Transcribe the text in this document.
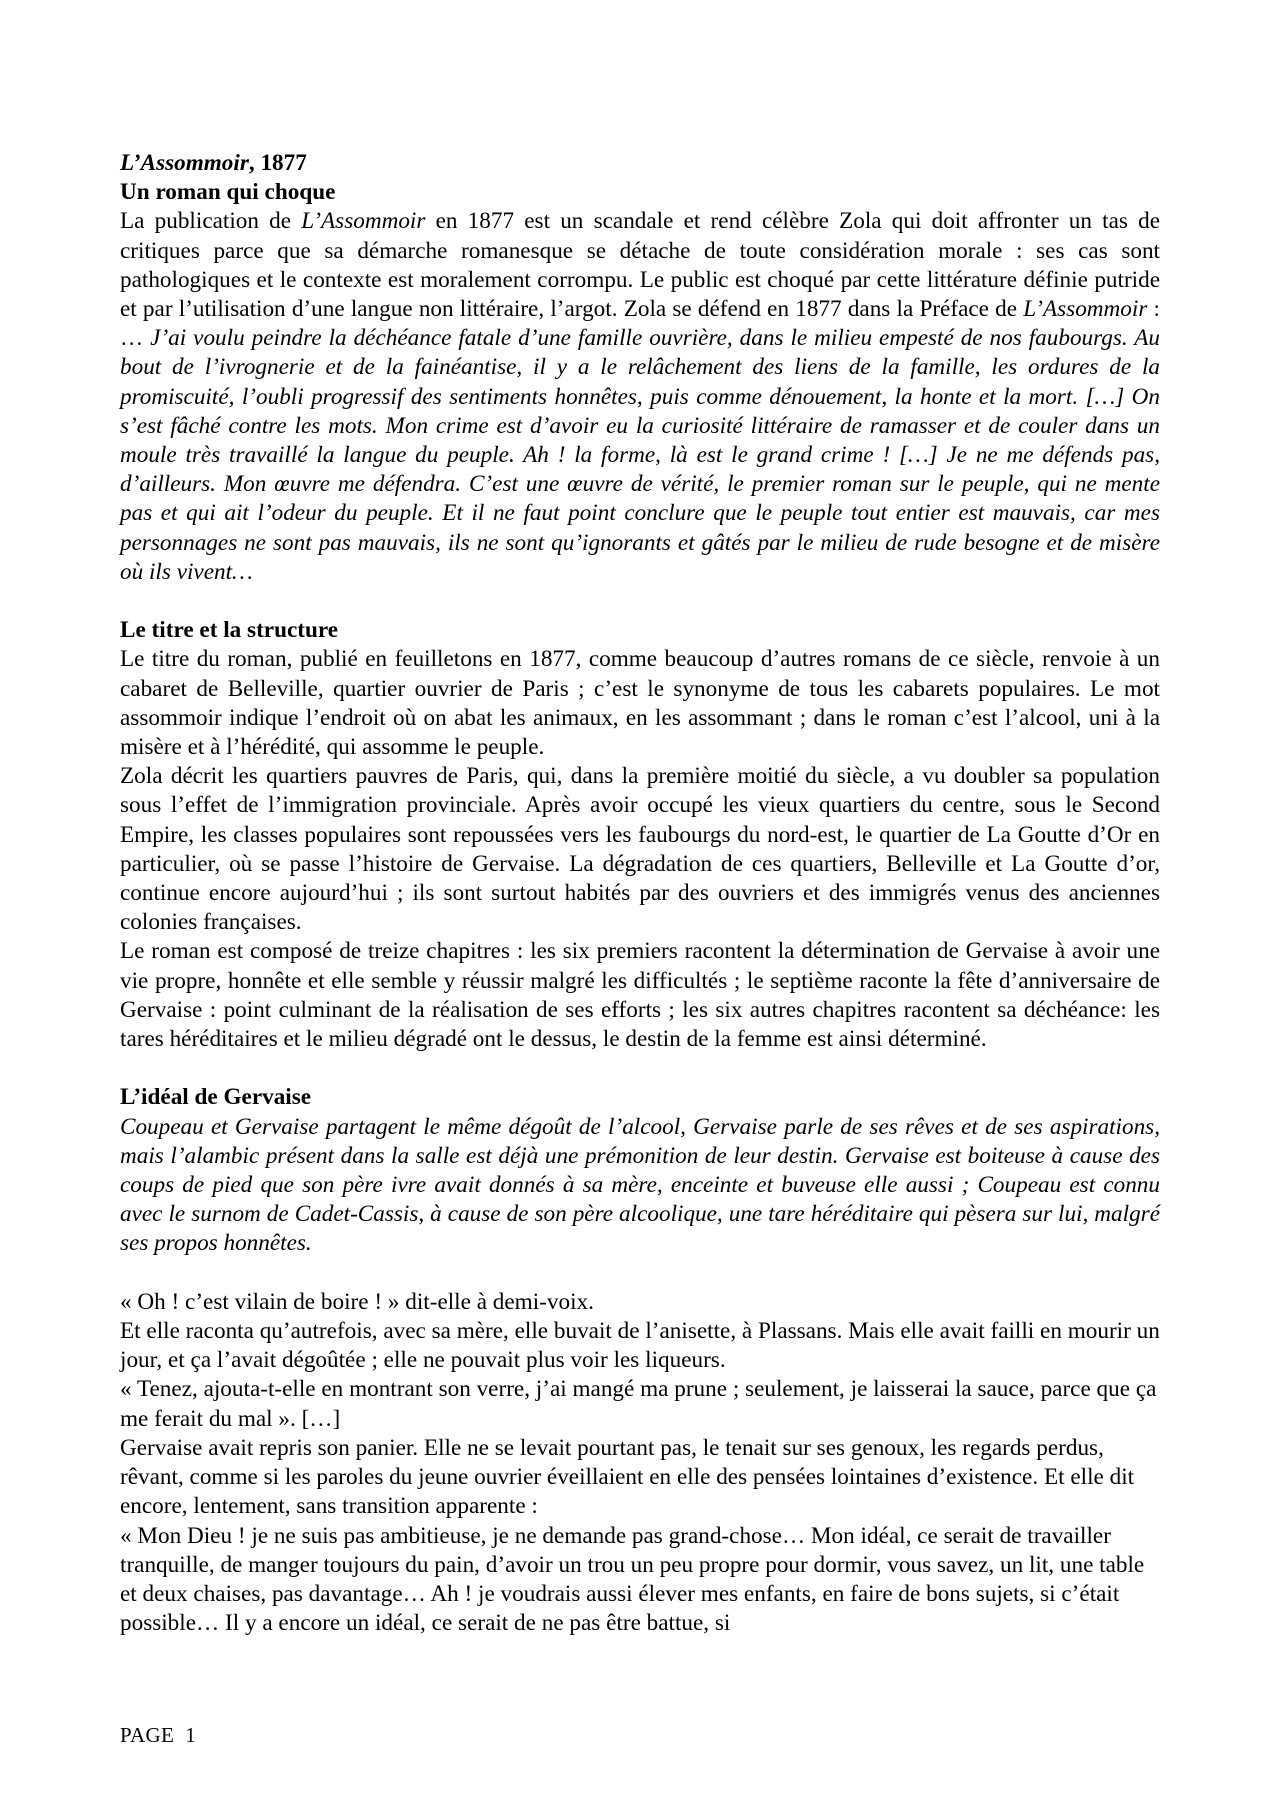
L’Assommoir, 1877

Un roman qui choque

La publication de L’Assommoir en 1877 est un scandale et rend célèbre Zola qui doit affronter un tas de critiques parce que sa démarche romanesque se détache de toute considération morale : ses cas sont pathologiques et le contexte est moralement corrompu. Le public est choqué par cette littérature définie putride et par l’utilisation d’une langue non littéraire, l’argot. Zola se défend en 1877 dans la Préface de L’Assommoir : … J’ai voulu peindre la déchéance fatale d’une famille ouvrière, dans le milieu empesté de nos faubourgs. Au bout de l’ivrognerie et de la fainéantise, il y a le relâchement des liens de la famille, les ordures de la promiscuité, l’oubli progressif des sentiments honnêtes, puis comme dénouement, la honte et la mort. […] On s’est fâché contre les mots. Mon crime est d’avoir eu la curiosité littéraire de ramasser et de couler dans un moule très travaillé la langue du peuple. Ah ! la forme, là est le grand crime ! […] Je ne me défends pas, d’ailleurs. Mon œuvre me défendra. C’est une œuvre de vérité, le premier roman sur le peuple, qui ne mente pas et qui ait l’odeur du peuple. Et il ne faut point conclure que le peuple tout entier est mauvais, car mes personnages ne sont pas mauvais, ils ne sont qu’ignorants et gâtés par le milieu de rude besogne et de misère où ils vivent…

Le titre et la structure

Le titre du roman, publié en feuilletons en 1877, comme beaucoup d’autres romans de ce siècle, renvoie à un cabaret de Belleville, quartier ouvrier de Paris ; c’est le synonyme de tous les cabarets populaires. Le mot assommoir indique l’endroit où on abat les animaux, en les assommant ; dans le roman c’est l’alcool, uni à la misère et à l’hérédité, qui assomme le peuple.

Zola décrit les quartiers pauvres de Paris, qui, dans la première moitié du siècle, a vu doubler sa population sous l’effet de l’immigration provinciale. Après avoir occupé les vieux quartiers du centre, sous le Second Empire, les classes populaires sont repoussées vers les faubourgs du nord-est, le quartier de La Goutte d’Or en particulier, où se passe l’histoire de Gervaise. La dégradation de ces quartiers, Belleville et La Goutte d’or, continue encore aujourd’hui ; ils sont surtout habités par des ouvriers et des immigrés venus des anciennes colonies françaises.

Le roman est composé de treize chapitres : les six premiers racontent la détermination de Gervaise à avoir une vie propre, honnête et elle semble y réussir malgré les difficultés ; le septième raconte la fête d’anniversaire de Gervaise : point culminant de la réalisation de ses efforts ; les six autres chapitres racontent sa déchéance: les tares héréditaires et le milieu dégradé ont le dessus, le destin de la femme est ainsi déterminé.

L’idéal de Gervaise

Coupeau et Gervaise partagent le même dégoût de l’alcool, Gervaise parle de ses rêves et de ses aspirations, mais l’alambic présent dans la salle est déjà une prémonition de leur destin. Gervaise est boiteuse à cause des coups de pied que son père ivre avait donnés à sa mère, enceinte et buveuse elle aussi ; Coupeau est connu avec le surnom de Cadet-Cassis, à cause de son père alcoolique, une tare héréditaire qui pèsera sur lui, malgré ses propos honnêtes.

« Oh ! c’est vilain de boire ! » dit-elle à demi-voix.

Et elle raconta qu’autrefois, avec sa mère, elle buvait de l’anisette, à Plassans. Mais elle avait failli en mourir un jour, et ça l’avait dégoûtée ; elle ne pouvait plus voir les liqueurs.

« Tenez, ajouta-t-elle en montrant son verre, j’ai mangé ma prune ; seulement, je laisserai la sauce, parce que ça me ferait du mal ». […]

Gervaise avait repris son panier. Elle ne se levait pourtant pas, le tenait sur ses genoux, les regards perdus, rêvant, comme si les paroles du jeune ouvrier éveillaient en elle des pensées lointaines d’existence. Et elle dit encore, lentement, sans transition apparente :

« Mon Dieu ! je ne suis pas ambitieuse, je ne demande pas grand-chose… Mon idéal, ce serait de travailler tranquille, de manger toujours du pain, d’avoir un trou un peu propre pour dormir, vous savez, un lit, une table et deux chaises, pas davantage… Ah ! je voudrais aussi élever mes enfants, en faire de bons sujets, si c’était possible… Il y a encore un idéal, ce serait de ne pas être battue, si

PAGE 1
